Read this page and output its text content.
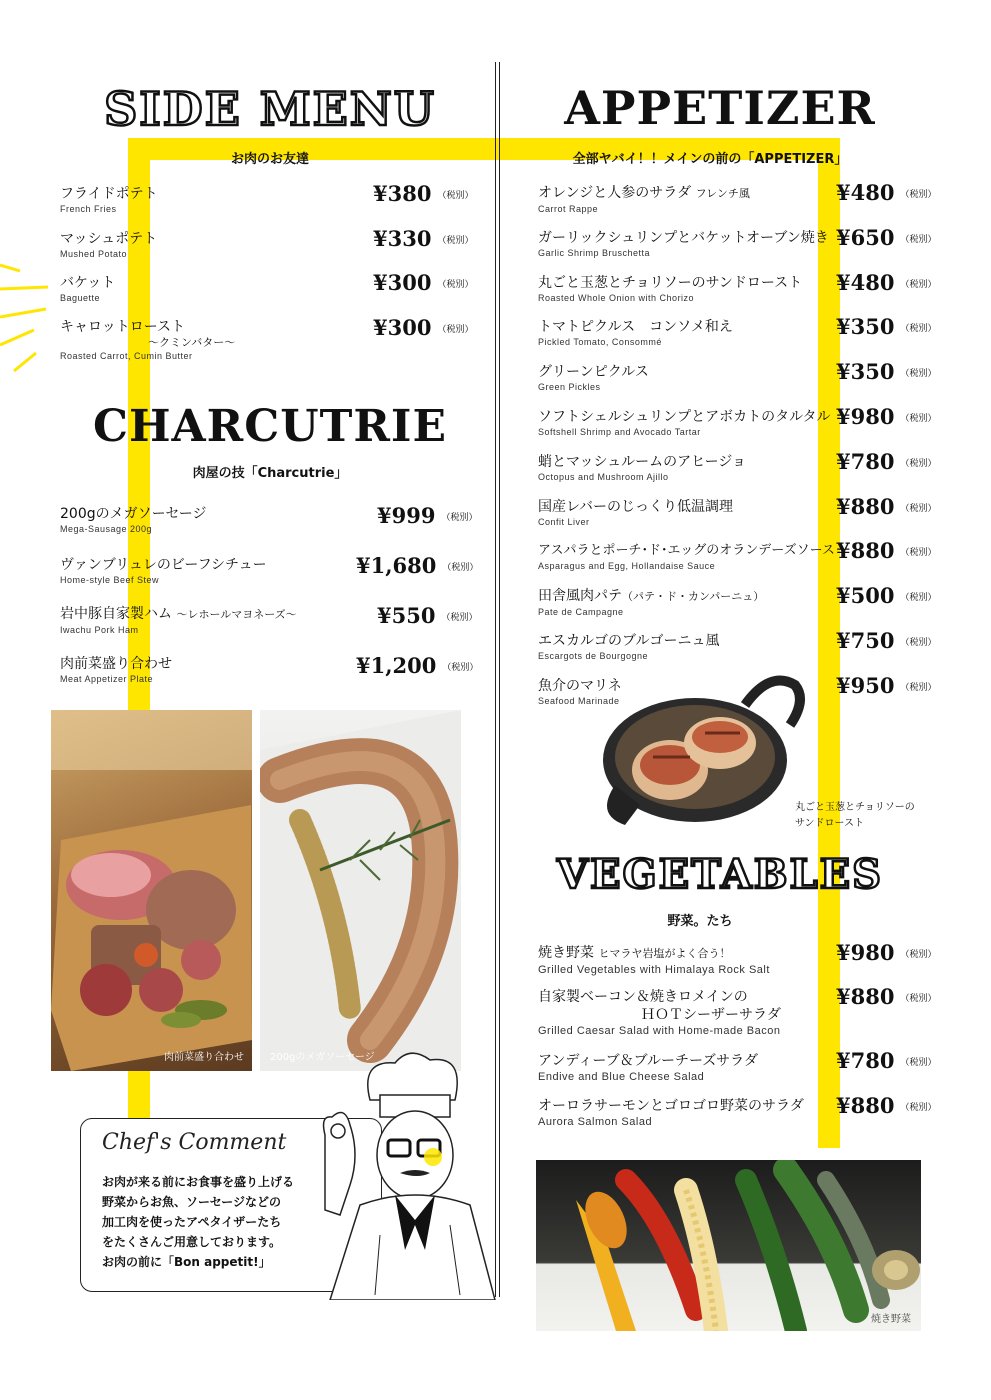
SIDE MENU
お肉のお友達
フライドポテト
French Fries
¥380 （税別）
マッシュポテト
Mushed Potato
¥330 （税別）
バケット
Baguette
¥300 （税別）
キャロットロースト
〜クミンバター〜
Roasted Carrot, Cumin Butter
¥300 （税別）
CHARCUTRIE
肉屋の技「Charcutrie」
200gのメガソーセージ
Mega-Sausage 200g
¥999 （税別）
ヴァンブリュレのビーフシチュー
Home-style Beef Stew
¥1,680 （税別）
岩中豚自家製ハム 〜レホールマヨネーズ〜
Iwachu Pork Ham
¥550 （税別）
肉前菜盛り合わせ
Meat Appetizer Plate
¥1,200 （税別）
肉前菜盛り合わせ	200gのメガソーセージ
Chef's Comment
お肉が来る前にお食事を盛り上げる
野菜からお魚、ソーセージなどの
加工肉を使ったアペタイザーたち
をたくさんご用意しております。
お肉の前に「Bon appetit!」
APPETIZER
全部ヤバイ！！メインの前の「APPETIZER」
オレンジと人参のサラダ フレンチ風
Carrot Rappe
¥480 （税別）
ガーリックシュリンプとバケットオーブン焼き
Garlic Shrimp Bruschetta
¥650 （税別）
丸ごと玉葱とチョリソーのサンドロースト
Roasted Whole Onion with Chorizo
¥480 （税別）
トマトピクルス　コンソメ和え
Pickled Tomato, Consommé
¥350 （税別）
グリーンピクルス
Green Pickles
¥350 （税別）
ソフトシェルシュリンプとアボカトのタルタル
Softshell Shrimp and Avocado Tartar
¥980 （税別）
蛸とマッシュルームのアヒージョ
Octopus and Mushroom Ajillo
¥780 （税別）
国産レバーのじっくり低温調理
Confit Liver
¥880 （税別）
アスパラとポーチ･ド･エッグのオランデーズソース
Asparagus and Egg, Hollandaise Sauce
¥880 （税別）
田舎風肉パテ（パテ・ド・カンパーニュ）
Pate de Campagne
¥500 （税別）
エスカルゴのブルゴーニュ風
Escargots de Bourgogne
¥750 （税別）
魚介のマリネ
Seafood Marinade
¥950 （税別）
丸ごと玉葱とチョリソーの
サンドロースト
VEGETABLES
野菜。たち
焼き野菜 ヒマラヤ岩塩がよく合う！
Grilled Vegetables with Himalaya Rock Salt
¥980 （税別）
自家製ベーコン＆焼きロメインの
ＨＯＴシーザーサラダ
Grilled Caesar Salad with Home-made Bacon
¥880 （税別）
アンディーブ＆ブルーチーズサラダ
Endive and Blue Cheese Salad
¥780 （税別）
オーロラサーモンとゴロゴロ野菜のサラダ
Aurora Salmon Salad
¥880 （税別）
焼き野菜
